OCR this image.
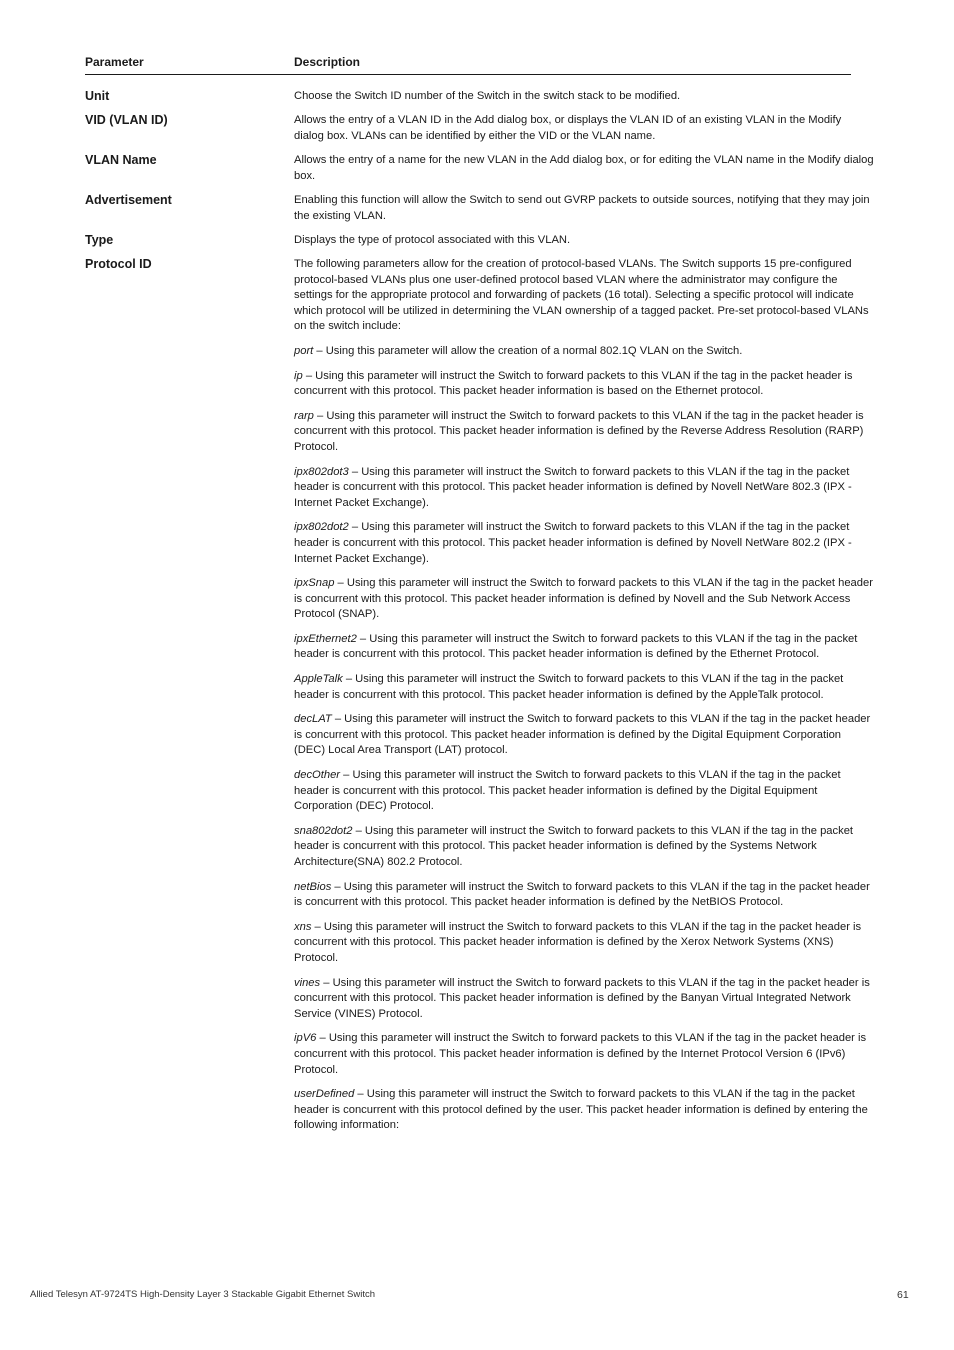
Parameter	Description
Unit	Choose the Switch ID number of the Switch in the switch stack to be modified.
VID (VLAN ID)	Allows the entry of a VLAN ID in the Add dialog box, or displays the VLAN ID of an existing VLAN in the Modify dialog box. VLANs can be identified by either the VID or the VLAN name.
VLAN Name	Allows the entry of a name for the new VLAN in the Add dialog box, or for editing the VLAN name in the Modify dialog box.
Advertisement	Enabling this function will allow the Switch to send out GVRP packets to outside sources, notifying that they may join the existing VLAN.
Type	Displays the type of protocol associated with this VLAN.
Protocol ID	The following parameters allow for the creation of protocol-based VLANs. The Switch supports 15 pre-configured protocol-based VLANs plus one user-defined protocol based VLAN where the administrator may configure the settings for the appropriate protocol and forwarding of packets (16 total). Selecting a specific protocol will indicate which protocol will be utilized in determining the VLAN ownership of a tagged packet. Pre-set protocol-based VLANs on the switch include:

port – Using this parameter will allow the creation of a normal 802.1Q VLAN on the Switch.

ip – Using this parameter will instruct the Switch to forward packets to this VLAN if the tag in the packet header is concurrent with this protocol. This packet header information is based on the Ethernet protocol.

rarp – Using this parameter will instruct the Switch to forward packets to this VLAN if the tag in the packet header is concurrent with this protocol. This packet header information is defined by the Reverse Address Resolution (RARP) Protocol.

ipx802dot3 – Using this parameter will instruct the Switch to forward packets to this VLAN if the tag in the packet header is concurrent with this protocol. This packet header information is defined by Novell NetWare 802.3 (IPX - Internet Packet Exchange).

ipx802dot2 – Using this parameter will instruct the Switch to forward packets to this VLAN if the tag in the packet header is concurrent with this protocol. This packet header information is defined by Novell NetWare 802.2 (IPX - Internet Packet Exchange).

ipxSnap – Using this parameter will instruct the Switch to forward packets to this VLAN if the tag in the packet header is concurrent with this protocol. This packet header information is defined by Novell and the Sub Network Access Protocol (SNAP).

ipxEthernet2 – Using this parameter will instruct the Switch to forward packets to this VLAN if the tag in the packet header is concurrent with this protocol. This packet header information is defined by the Ethernet Protocol.

AppleTalk – Using this parameter will instruct the Switch to forward packets to this VLAN if the tag in the packet header is concurrent with this protocol. This packet header information is defined by the AppleTalk protocol.

decLAT – Using this parameter will instruct the Switch to forward packets to this VLAN if the tag in the packet header is concurrent with this protocol. This packet header information is defined by the Digital Equipment Corporation (DEC) Local Area Transport (LAT) protocol.

decOther – Using this parameter will instruct the Switch to forward packets to this VLAN if the tag in the packet header is concurrent with this protocol. This packet header information is defined by the Digital Equipment Corporation (DEC) Protocol.

sna802dot2 – Using this parameter will instruct the Switch to forward packets to this VLAN if the tag in the packet header is concurrent with this protocol. This packet header information is defined by the Systems Network Architecture(SNA) 802.2 Protocol.

netBios – Using this parameter will instruct the Switch to forward packets to this VLAN if the tag in the packet header is concurrent with this protocol. This packet header information is defined by the NetBIOS Protocol.

xns – Using this parameter will instruct the Switch to forward packets to this VLAN if the tag in the packet header is concurrent with this protocol. This packet header information is defined by the Xerox Network Systems (XNS) Protocol.

vines – Using this parameter will instruct the Switch to forward packets to this VLAN if the tag in the packet header is concurrent with this protocol. This packet header information is defined by the Banyan Virtual Integrated Network Service (VINES) Protocol.

ipV6 – Using this parameter will instruct the Switch to forward packets to this VLAN if the tag in the packet header is concurrent with this protocol. This packet header information is defined by the Internet Protocol Version 6 (IPv6) Protocol.

userDefined – Using this parameter will instruct the Switch to forward packets to this VLAN if the tag in the packet header is concurrent with this protocol defined by the user. This packet header information is defined by entering the following information:

Allied Telesyn AT-9724TS High-Density Layer 3 Stackable Gigabit Ethernet Switch	61
